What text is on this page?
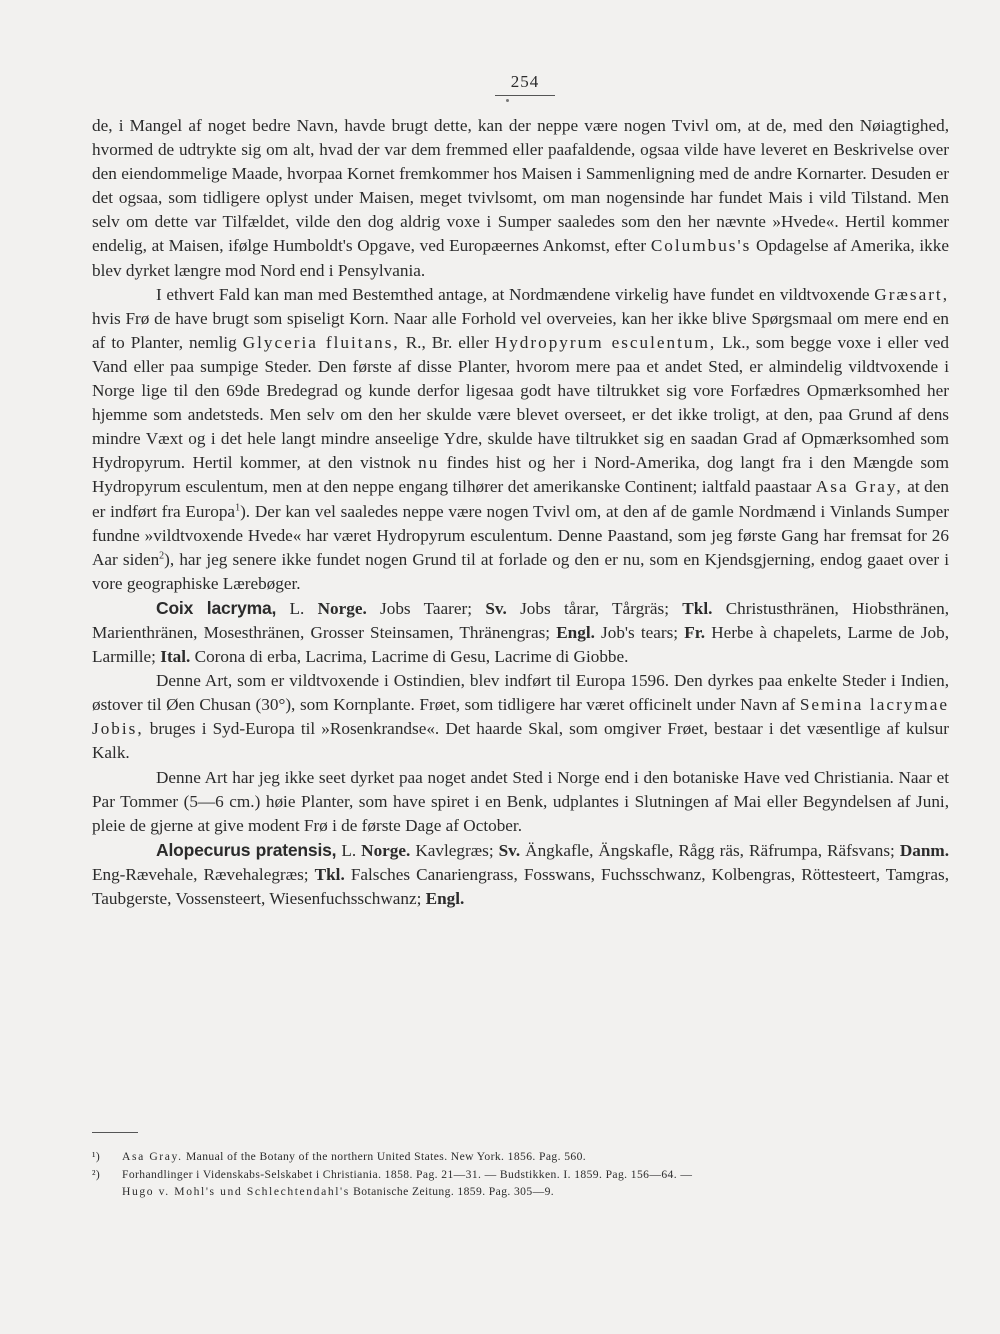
254

de, i Mangel af noget bedre Navn, havde brugt dette, kan der neppe være nogen Tvivl om, at de, med den Nøiagtighed, hvormed de udtrykte sig om alt, hvad der var dem fremmed eller paafaldende, ogsaa vilde have leveret en Beskrivelse over den eiendommelige Maade, hvorpaa Kornet fremkommer hos Maisen i Sammenligning med de andre Kornarter. Desuden er det ogsaa, som tidligere oplyst under Maisen, meget tvivlsomt, om man nogensinde har fundet Mais i vild Tilstand. Men selv om dette var Tilfældet, vilde den dog aldrig voxe i Sumper saaledes som den her nævnte »Hvede«. Hertil kommer endelig, at Maisen, ifølge Humboldt's Opgave, ved Europæernes Ankomst, efter Columbus's Opdagelse af Amerika, ikke blev dyrket længre mod Nord end i Pensylvania.

I ethvert Fald kan man med Bestemthed antage, at Nordmændene virkelig have fundet en vildtvoxende Græsart, hvis Frø de have brugt som spiseligt Korn. Naar alle Forhold vel overveies, kan her ikke blive Spørgsmaal om mere end en af to Planter, nemlig Glyceria fluitans, R., Br. eller Hydropyrum esculentum, Lk., som begge voxe i eller ved Vand eller paa sumpige Steder. Den første af disse Planter, hvorom mere paa et andet Sted, er almindelig vildtvoxende i Norge lige til den 69de Bredegrad og kunde derfor ligesaa godt have tiltrukket sig vore Forfædres Opmærksomhed her hjemme som andetsteds. Men selv om den her skulde være blevet overseet, er det ikke troligt, at den, paa Grund af dens mindre Væxt og i det hele langt mindre anseelige Ydre, skulde have tiltrukket sig en saadan Grad af Opmærksomhed som Hydropyrum. Hertil kommer, at den vistnok nu findes hist og her i Nord-Amerika, dog langt fra i den Mængde som Hydropyrum esculentum, men at den neppe engang tilhører det amerikanske Continent; ialtfald paastaar Asa Gray, at den er indført fra Europa$^1$). Der kan vel saaledes neppe være nogen Tvivl om, at den af de gamle Nordmænd i Vinlands Sumper fundne »vildtvoxende Hvede« har været Hydropyrum esculentum. Denne Paastand, som jeg første Gang har fremsat for 26 Aar siden$^2$), har jeg senere ikke fundet nogen Grund til at forlade og den er nu, som en Kjendsgjerning, endog gaaet over i vore geographiske Lærebøger.

Coix lacryma, L. Norge. Jobs Taarer; Sv. Jobs tårar, Tårgräs; Tkl. Christusthränen, Hiobsthränen, Marienthränen, Mosesthränen, Grosser Steinsamen, Thränengras; Engl. Job's tears; Fr. Herbe à chapelets, Larme de Job, Larmille; Ital. Corona di erba, Lacrima, Lacrime di Gesu, Lacrime di Giobbe.

Denne Art, som er vildtvoxende i Ostindien, blev indført til Europa 1596. Den dyrkes paa enkelte Steder i Indien, østover til Øen Chusan (30°), som Kornplante. Frøet, som tidligere har været officinelt under Navn af Semina lacrymae Jobis, bruges i Syd-Europa til »Rosenkrandse«. Det haarde Skal, som omgiver Frøet, bestaar i det væsentlige af kulsur Kalk.

Denne Art har jeg ikke seet dyrket paa noget andet Sted i Norge end i den botaniske Have ved Christiania. Naar et Par Tommer (5—6 cm.) høie Planter, som have spiret i en Benk, udplantes i Slutningen af Mai eller Begyndelsen af Juni, pleie de gjerne at give modent Frø i de første Dage af October.

Alopecurus pratensis, L. Norge. Kavlegræs; Sv. Ängkafle, Ängskafle, Rågg räs, Räfrumpa, Räfsvans; Danm. Eng-Rævehale, Rævehalegræs; Tkl. Falsches Canariengrass, Fosswans, Fuchsschwanz, Kolbengras, Röttesteert, Tamgras, Taubgerste, Vossensteert, Wiesenfuchsschwanz; Engl.

¹) Asa Gray. Manual of the Botany of the northern United States. New York. 1856. Pag. 560.
²) Forhandlinger i Videnskabs-Selskabet i Christiania. 1858. Pag. 21—31. — Budstikken. I. 1859. Pag. 156—64. —
Hugo v. Mohl's und Schlechtendahl's Botanische Zeitung. 1859. Pag. 305—9.
